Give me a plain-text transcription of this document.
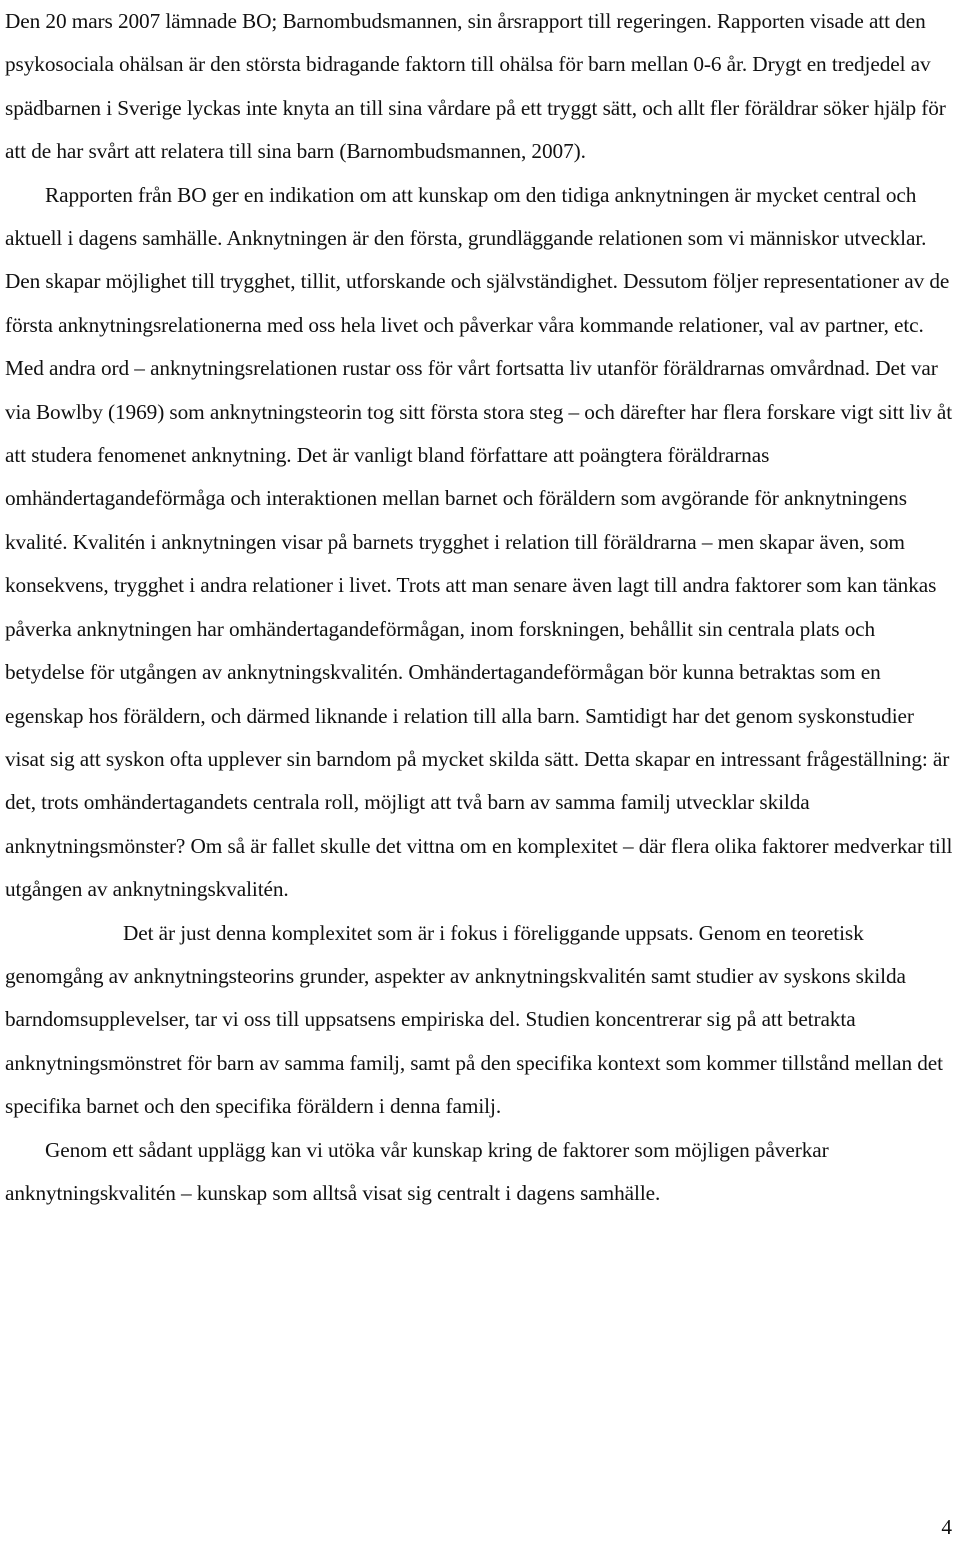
Den 20 mars 2007 lämnade BO; Barnombudsmannen, sin årsrapport till regeringen. Rapporten visade att den psykosociala ohälsan är den största bidragande faktorn till ohälsa för barn mellan 0-6 år. Drygt en tredjedel av spädbarnen i Sverige lyckas inte knyta an till sina vårdare på ett tryggt sätt, och allt fler föräldrar söker hjälp för att de har svårt att relatera till sina barn (Barnombudsmannen, 2007).

Rapporten från BO ger en indikation om att kunskap om den tidiga anknytningen är mycket central och aktuell i dagens samhälle. Anknytningen är den första, grundläggande relationen som vi människor utvecklar. Den skapar möjlighet till trygghet, tillit, utforskande och självständighet. Dessutom följer representationer av de första anknytningsrelationerna med oss hela livet och påverkar våra kommande relationer, val av partner, etc. Med andra ord – anknytningsrelationen rustar oss för vårt fortsatta liv utanför föräldrarnas omvårdnad. Det var via Bowlby (1969) som anknytningsteorin tog sitt första stora steg – och därefter har flera forskare vigt sitt liv åt att studera fenomenet anknytning. Det är vanligt bland författare att poängtera föräldrarnas omhändertagandeförmåga och interaktionen mellan barnet och föräldern som avgörande för anknytningens kvalité. Kvalitén i anknytningen visar på barnets trygghet i relation till föräldrarna – men skapar även, som konsekvens, trygghet i andra relationer i livet. Trots att man senare även lagt till andra faktorer som kan tänkas påverka anknytningen har omhändertagandeförmågan, inom forskningen, behållit sin centrala plats och betydelse för utgången av anknytningskvalitén. Omhändertagandeförmågan bör kunna betraktas som en egenskap hos föräldern, och därmed liknande i relation till alla barn. Samtidigt har det genom syskonstudier visat sig att syskon ofta upplever sin barndom på mycket skilda sätt. Detta skapar en intressant frågeställning: är det, trots omhändertagandets centrala roll, möjligt att två barn av samma familj utvecklar skilda anknytningsmönster? Om så är fallet skulle det vittna om en komplexitet – där flera olika faktorer medverkar till utgången av anknytningskvalitén.

Det är just denna komplexitet som är i fokus i föreliggande uppsats. Genom en teoretisk genomgång av anknytningsteorins grunder, aspekter av anknytningskvalitén samt studier av syskons skilda barndomsupplevelser, tar vi oss till uppsatsens empiriska del. Studien koncentrerar sig på att betrakta anknytningsmönstret för barn av samma familj, samt på den specifika kontext som kommer tillstånd mellan det specifika barnet och den specifika föräldern i denna familj.

Genom ett sådant upplägg kan vi utöka vår kunskap kring de faktorer som möjligen påverkar anknytningskvalitén – kunskap som alltså visat sig centralt i dagens samhälle.

4
